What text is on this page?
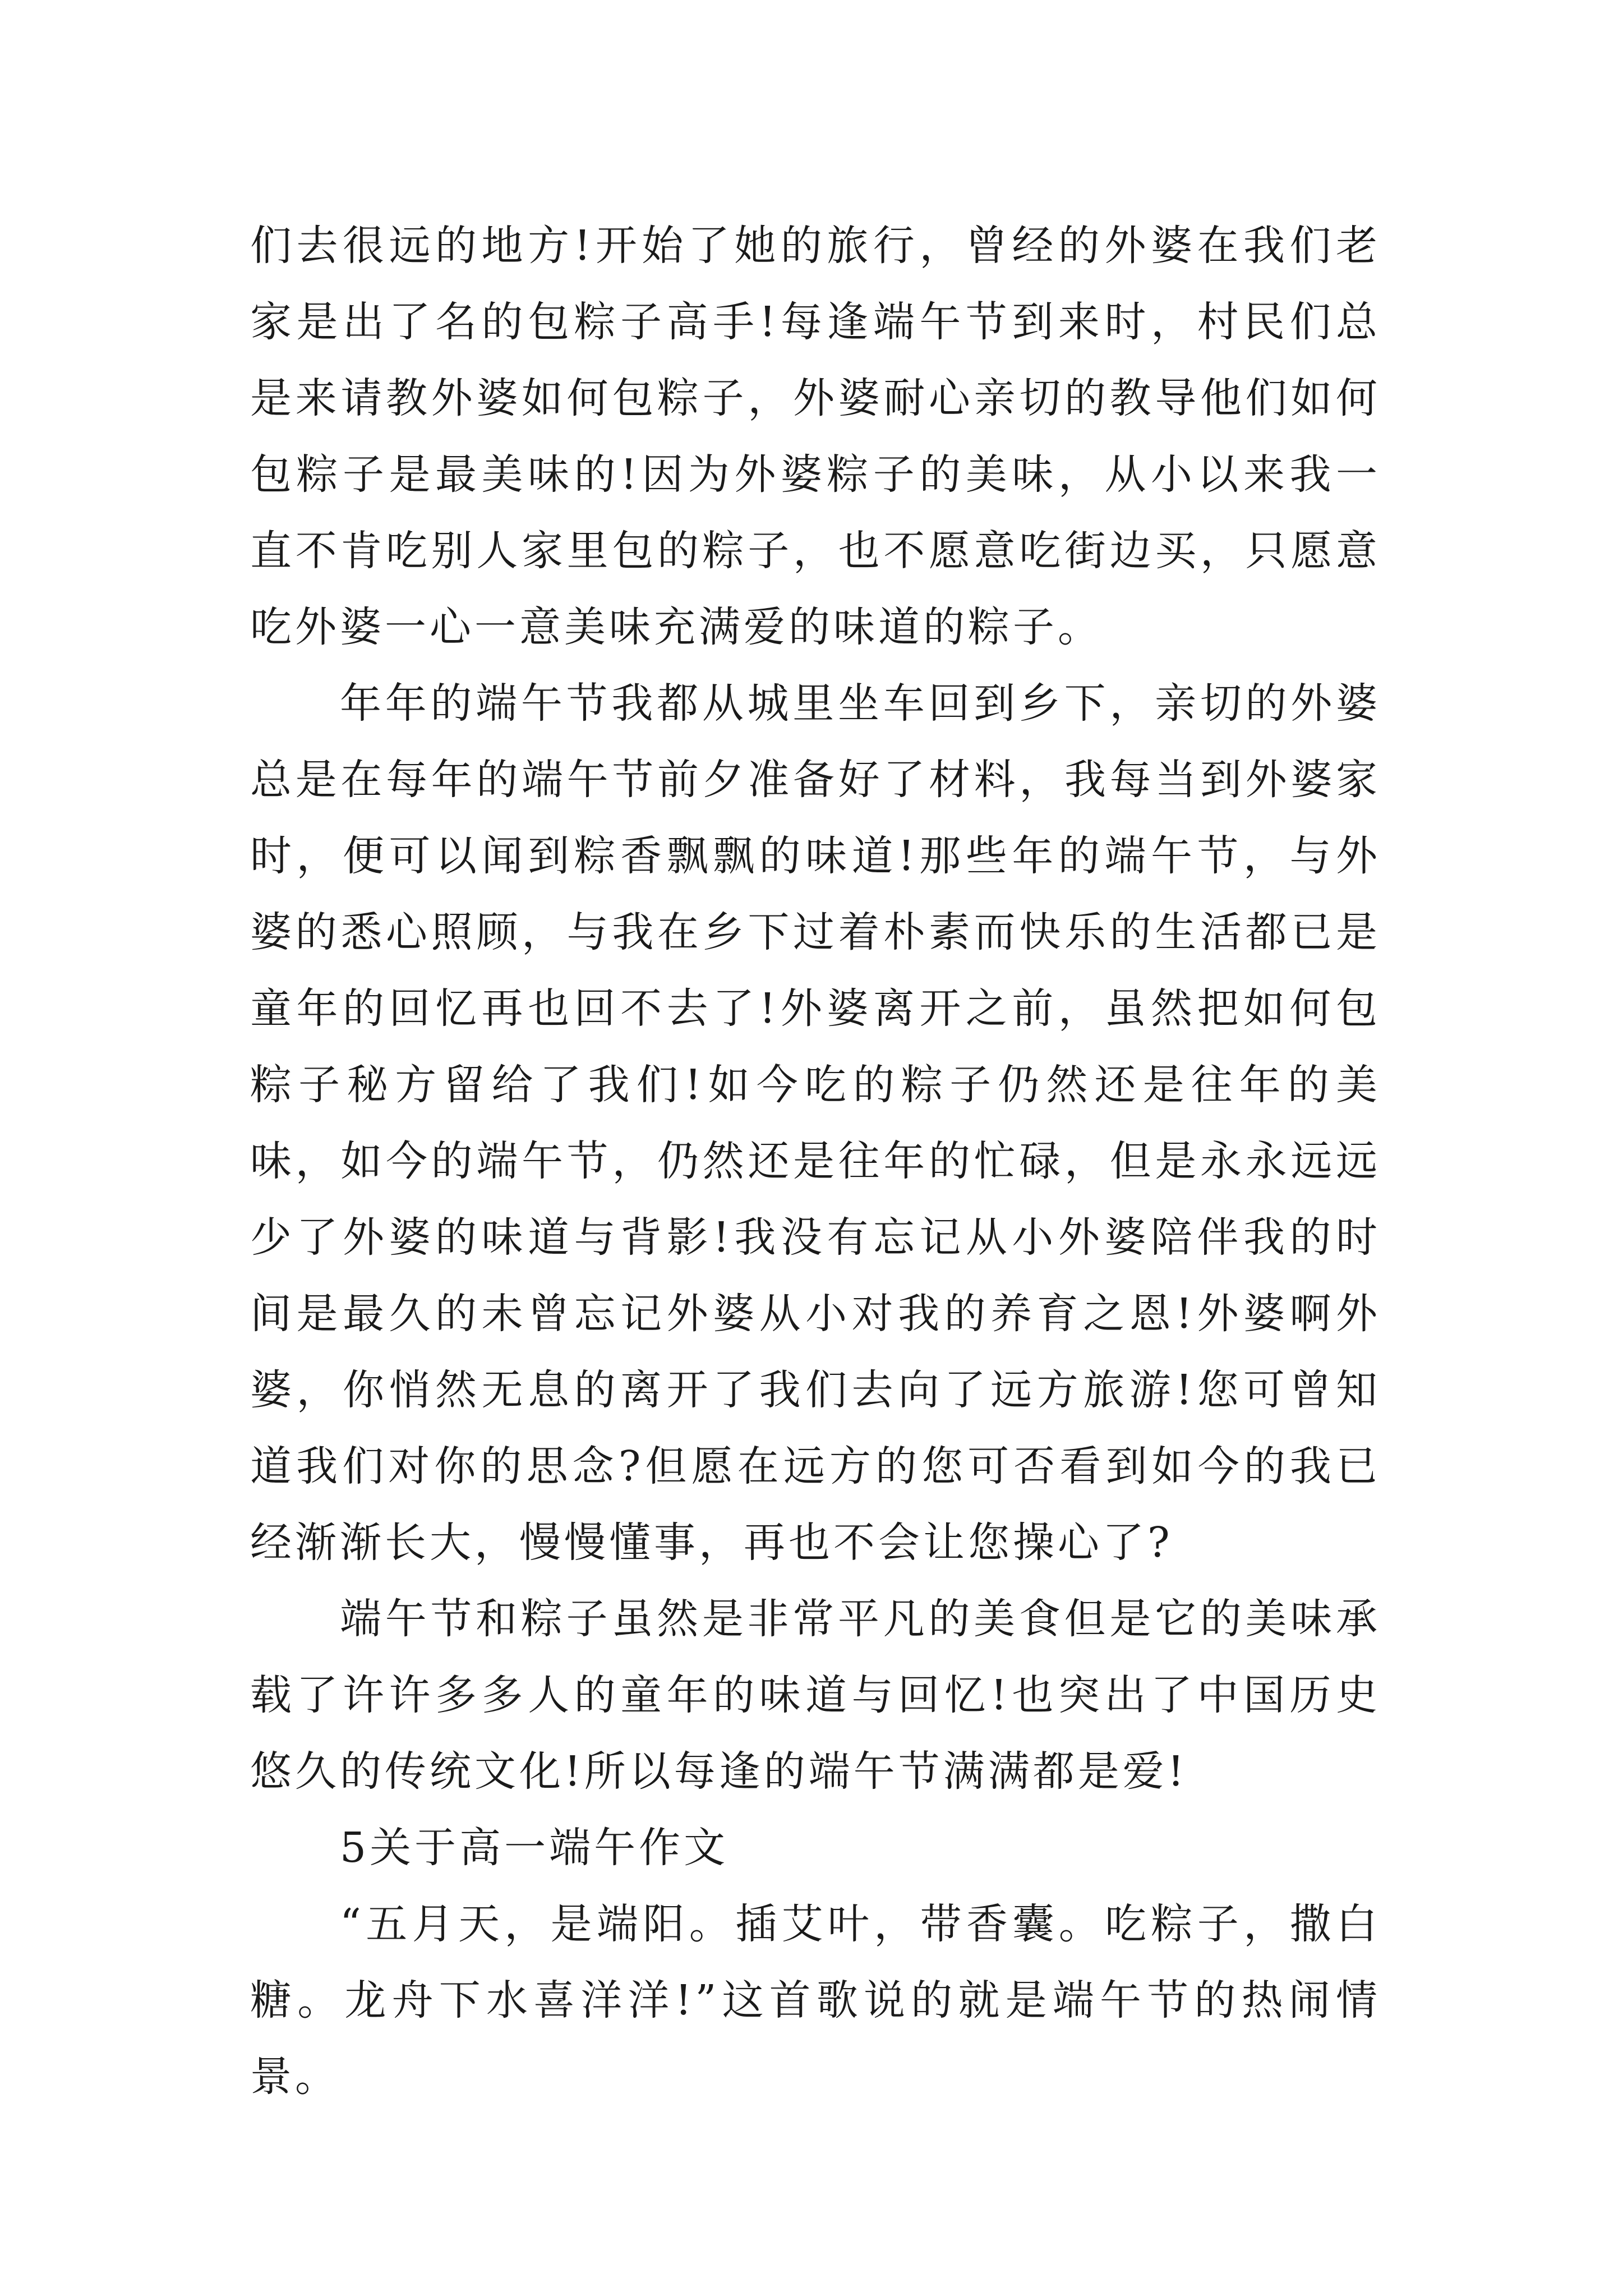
们去很远的地方!开始了她的旅行，曾经的外婆在我们老家是出了名的包粽子高手!每逢端午节到来时，村民们总是来请教外婆如何包粽子，外婆耐心亲切的教导他们如何包粽子是最美味的!因为外婆粽子的美味，从小以来我一直不肯吃别人家里包的粽子，也不愿意吃街边买，只愿意吃外婆一心一意美味充满爱的味道的粽子。

年年的端午节我都从城里坐车回到乡下，亲切的外婆总是在每年的端午节前夕准备好了材料，我每当到外婆家时，便可以闻到粽香飘飘的味道!那些年的端午节，与外婆的悉心照顾，与我在乡下过着朴素而快乐的生活都已是童年的回忆再也回不去了!外婆离开之前，虽然把如何包粽子秘方留给了我们!如今吃的粽子仍然还是往年的美味，如今的端午节，仍然还是往年的忙碌，但是永永远远少了外婆的味道与背影!我没有忘记从小外婆陪伴我的时间是最久的未曾忘记外婆从小对我的养育之恩!外婆啊外婆，你悄然无息的离开了我们去向了远方旅游!您可曾知道我们对你的思念?但愿在远方的您可否看到如今的我已经渐渐长大，慢慢懂事，再也不会让您操心了?

端午节和粽子虽然是非常平凡的美食但是它的美味承载了许许多多人的童年的味道与回忆!也突出了中国历史悠久的传统文化!所以每逢的端午节满满都是爱!

5关于高一端午作文

“五月天，是端阳。插艾叶，带香囊。吃粽子，撒白糖。龙舟下水喜洋洋!”这首歌说的就是端午节的热闹情景。
